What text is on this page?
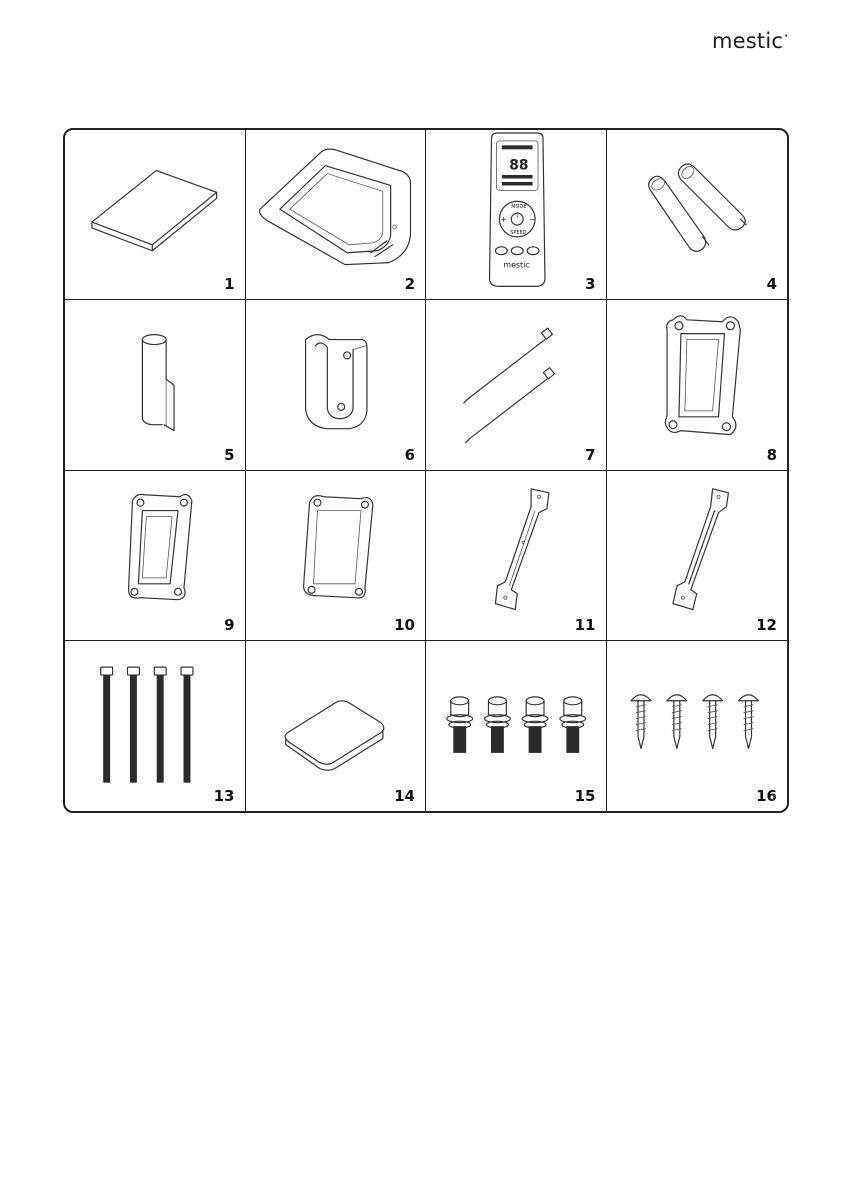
mestic•
1	2
88
MODE
SPEED
+	−
mestic
3	4
5	6	7	8
9	10	11	12
13	14	15	16
